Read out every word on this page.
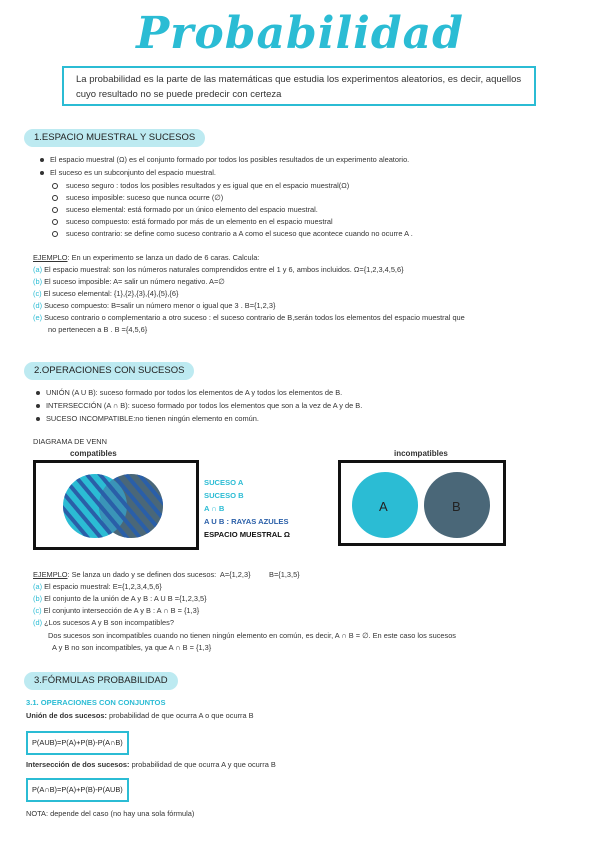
Probabilidad
La probabilidad es la parte de las matemáticas que estudia los experimentos aleatorios, es decir, aquellos cuyo resultado no se puede predecir con certeza
1.ESPACIO MUESTRAL Y SUCESOS
El espacio muestral (Ω) es el conjunto formado por todos los posibles resultados de un experimento aleatorio.
El suceso es un subconjunto del espacio muestral.
suceso seguro : todos los posibles resultados y es igual que en el espacio muestral(Ω)
suceso imposible: suceso que nunca ocurre (∅)
suceso elemental: está formado por un único elemento del espacio muestral.
suceso compuesto: está formado por más de un elemento en el espacio muestral
suceso contrario: se define como suceso contrario a A como el suceso que acontece cuando no ocurre A .
EJEMPLO: En un experimento se lanza un dado de 6 caras. Calcula:
(a) El espacio muestral: son los números naturales comprendidos entre el 1 y 6, ambos incluidos. Ω={1,2,3,4,5,6}
(b) El suceso imposible: A= salir un número negativo. A=∅
(c) El suceso elemental: {1},{2},{3},{4},{5},{6}
(d) Suceso compuesto: B=salir un número menor o igual que 3 . B={1,2,3}
(e) Suceso contrario o complementario a otro suceso : el suceso contrario de B,serán todos los elementos del espacio muestral que
no pertenecen a B . B ={4,5,6}
2.OPERACIONES CON SUCESOS
UNIÓN (A U B): suceso formado por todos los elementos de A y todos los elementos de B.
INTERSECCIÓN (A ∩ B): suceso formado por todos los elementos que son a la vez de A y de B.
SUCESO INCOMPATIBLE:no tienen ningún elemento en común.
DIAGRAMA DE VENN
compatibles	incompatibles
SUCESO A
SUCESO B
A ∩ B
A U B : RAYAS AZULES
ESPACIO MUESTRAL Ω
A	B
EJEMPLO: Se lanza un dado y se definen dos sucesos:  A={1,2,3}         B={1,3,5}
(a) El espacio muestral: E={1,2,3,4,5,6}
(b) El conjunto de la unión de A y B : A U B ={1,2,3,5}
(c) El conjunto intersección de A y B : A ∩ B = {1,3}
(d) ¿Los sucesos A y B son incompatibles?
Dos sucesos son incompatibles cuando no tienen ningún elemento en común, es decir, A ∩ B = ∅. En este caso los sucesos
A y B no son incompatibles, ya que A ∩ B = {1,3}
3.FÓRMULAS PROBABILIDAD
3.1. OPERACIONES CON CONJUNTOS
Unión de dos sucesos: probabilidad de que ocurra A o que ocurra B
P(AUB)=P(A)+P(B)-P(A∩B)
Intersección de dos sucesos: probabilidad de que ocurra A y que ocurra B
P(A∩B)=P(A)+P(B)-P(AUB)
NOTA: depende del caso (no hay una sola fórmula)
